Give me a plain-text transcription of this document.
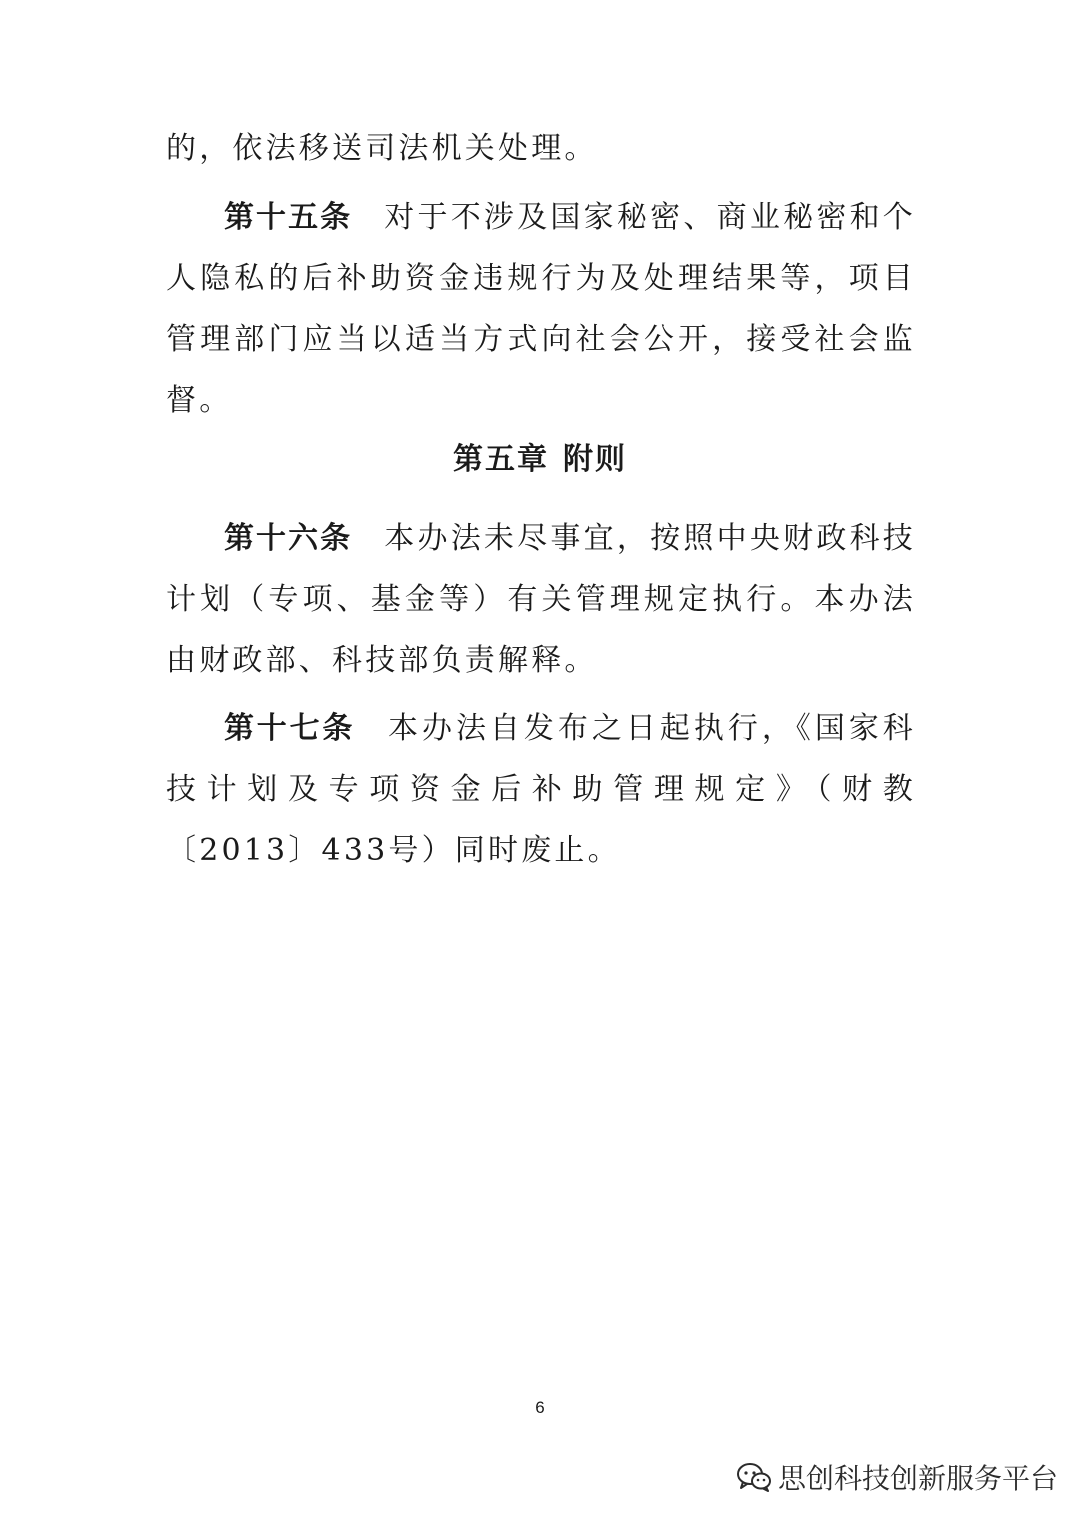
的，依法移送司法机关处理。

第十五条 对于不涉及国家秘密、商业秘密和个人隐私的后补助资金违规行为及处理结果等，项目管理部门应当以适当方式向社会公开，接受社会监督。

第五章 附则

第十六条 本办法未尽事宜，按照中央财政科技计划（专项、基金等）有关管理规定执行。本办法由财政部、科技部负责解释。

第十七条 本办法自发布之日起执行，《国家科技计划及专项资金后补助管理规定》（财教〔2013〕433号）同时废止。

6
思创科技创新服务平台
